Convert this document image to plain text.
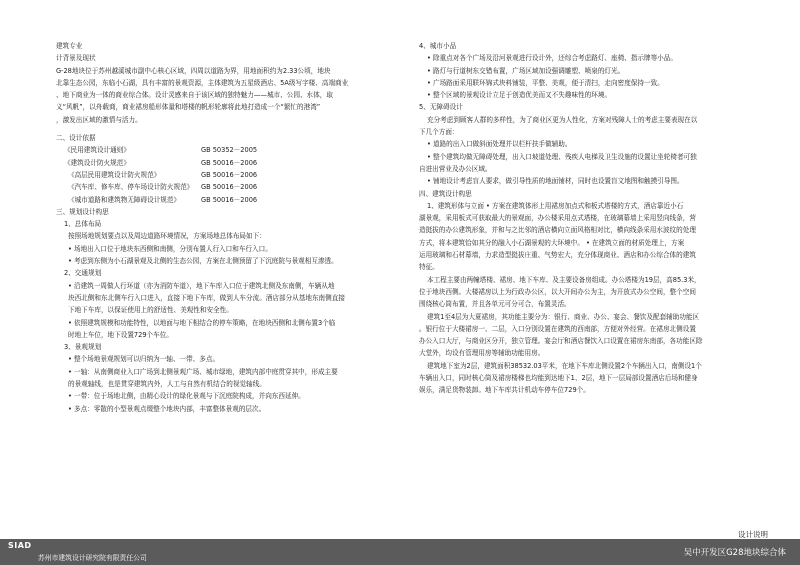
建筑专业
计背景及现状
G-28地块位于苏州越溪城市副中心核心区域，四周以道路为界，用地面积约为2.33公顷，地块
北靠生态公园，东临小石湖，具有丰富的景观资源，主体建筑为五星级酒店、5A级写字楼、高端商业
、地下商业为一体的商业综合体。设计灵感来自于该区域的独特魅力——城市、公园、水体，取
义“风帆”，以舟载商，商业裙房船形体量和塔楼的帆形轮廓将此地打造成一个“繁忙的港湾”
，激发出区域的激情与活力。
二、设计依据
《民用建筑设计通则》	GB 50352－2005
《建筑设计防火规范》	GB 50016－2006
《高层民用建筑设计防火规范》	GB 50016－2006
《汽车库、修车库、停车场设计防火规范》 GB 50016－2006
《城市道路和建筑物无障碍设计规范》	GB 50016－2006
三、规划设计构思
1、总体布局
按照场地规划要点以及周边道路环境情况，方案场地总体布局如下：
• 场地出入口位于地块东西侧和南侧，分别布置人行入口和车行入口。
• 考虑到东侧为小石湖景观及北侧的生态公园，方案在北侧预留了下沉庭院与景观相互渗透。
2、交通规划
• 沿建筑一周做人行环道（亦为消防车道），地下车库入口位于建筑北侧及东南侧，车辆从地
块西北侧和东北侧车行入口进入，直接下地下车库，做到人车分流。酒店部分从基地东南侧直接
下地下车库，以保证使用上的舒适性、美观性和安全性。
• 依照建筑规模和功能特性，以地面与地下相结合的停车策略，在地块西侧和北侧布置3个临
时地上车位，地下设置729个车位。
3、景观规划
• 整个场地景观规划可以归纳为一轴、一带、多点。
• 一轴：从南侧商业入口广场到北侧景观广场、城市绿地，建筑内部中庭贯穿其中，形成主要
的景观轴线，也是贯穿建筑内外，人工与自然有机结合的视觉轴线。
• 一带：位于场地北侧，由精心设计的绿化景观与下沉庭院构成，并向东西延伸。
• 多点：零散的小型景观点缀整个地块内部，丰富整体景观的层次。
4、城市小品
• 除重点对各个广场及沿河景观进行设计外，还综合考虑路灯、座椅、指示牌等小品。
• 路灯与行道树东交错布置，广场区域加设强调雕塑、喷泉的灯光。
• 广场路面采用联环锦式块料铺装，平整、美观，便于清扫，走向密度保持一致。
• 整个区域的景观设计立足于创造优美而又不失趣味性的环境。
5、无障碍设计
充分考虑到顾客人群的多样性，为了商业区更为人性化，方案对残障人士的考虑主要表现在以
下几个方面：
• 道路的出入口做斜面处理并以栏杆扶手做辅助。
• 整个建筑均做无障碍处理，出入口坡道处理、残疾人电梯及卫生设施的设置让坐轮椅者可独
自进出营业及办公区域。
• 铺地设计考虑盲人要求，做引导性质的地面铺材，同时也设置盲文地图和触摸引导图。
四、建筑设计构思
1、建筑形体与立面 • 方案在建筑体形上用裙房加点式和板式塔楼的方式，酒店靠近小石
湖景观，采用板式可获取最大的景观面，办公楼采用点式塔楼，在玻璃幕墙上采用竖向线条，营
造挺拔的办公建筑形象，并和与之比邻的酒店横向立面风格相对比，横向线条采用水波纹的处理
方式，将本建筑恰如其分的融入小石湖景观的大环境中。 • 在建筑立面的材质处理上，方案
运用玻璃和石材幕墙，力求造型挺拔庄重、气势宏大，充分体现商业、酒店和办公综合体的建筑
特征。
本工程主要由两幢塔楼、裙房、地下车库、及主要设备房组成。办公塔楼为19层，高85.3米，
位于地块西侧。大楼裙房以上为行政办公区，以大开间办公为主，为开放式办公空间，整个空间
围绕核心筒布置，并且各单元可分可合，布置灵活。
建筑1至4层为大夏裙房，其功能主要分为：银行、商业、办公、宴会、餐饮及配套辅助功能区
。银行位于大楼裙房一、二层，入口分别设置在建筑的西南部，方便对外经营。在裙房北侧设置
办公入口大厅，与商业区分开，独立管理。宴会厅和酒店餐饮入口设置在裙房东南部，各功能区除
大堂外，均设有管理用房等辅助功能用房。
建筑地下室为2层，建筑面积38532.03平米，在地下车库北侧设置2个车辆出入口，南侧设1个
车辆出入口，同时核心筒及裙房楼梯也均能到达地下1、2层，地下一层局部设置酒店后场和健身
娱乐，满足货物装卸。地下车库共计机动车停车位729个。
设计说明
SIAD
苏州市建筑设计研究院有限责任公司	吴中开发区G28地块综合体
